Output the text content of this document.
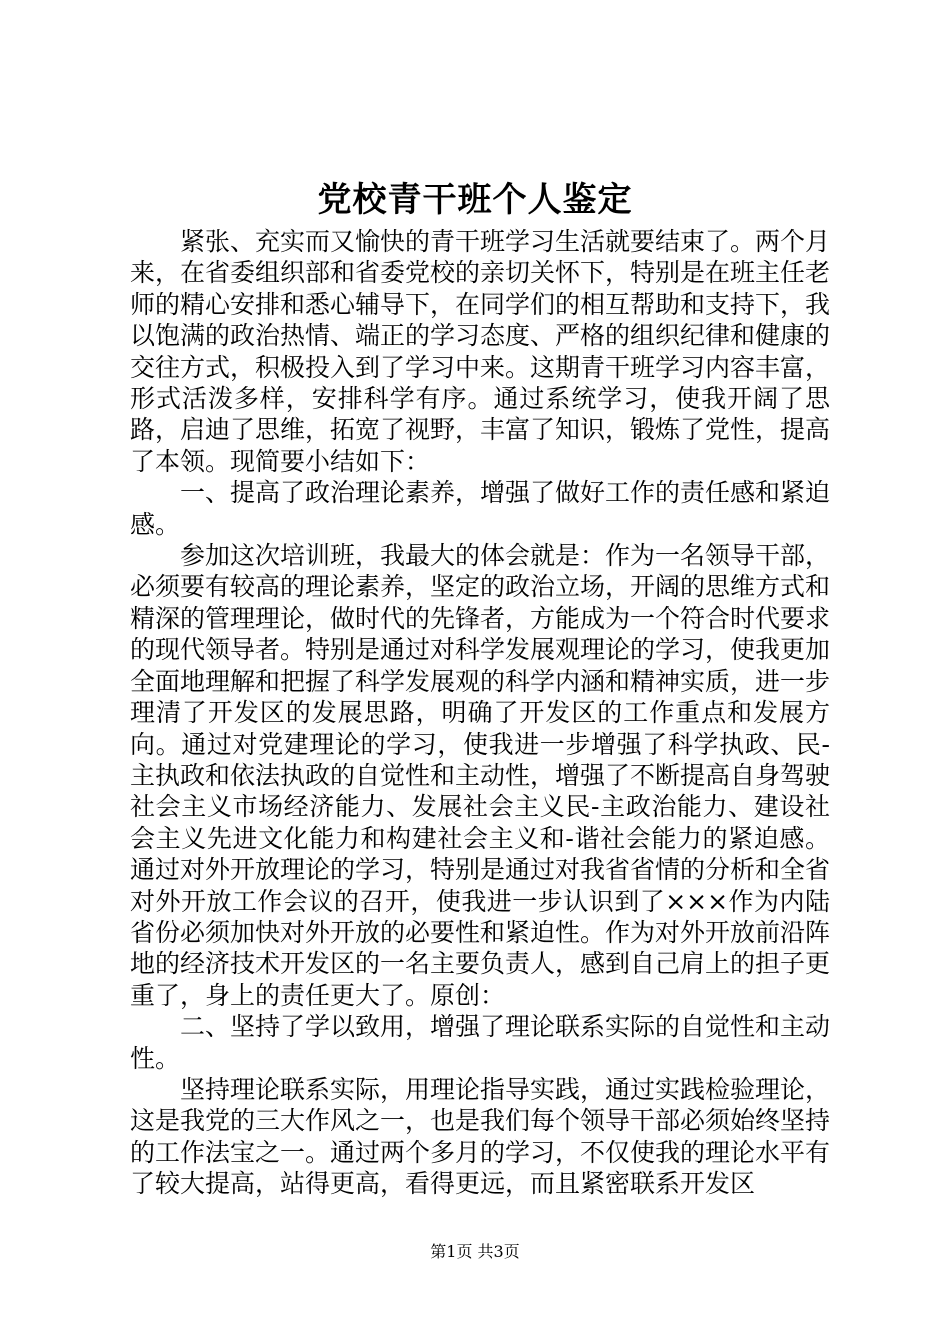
党校青干班个人鉴定

紧张、充实而又愉快的青干班学习生活就要结束了。两个月来，在省委组织部和省委党校的亲切关怀下，特别是在班主任老师的精心安排和悉心辅导下，在同学们的相互帮助和支持下，我以饱满的政治热情、端正的学习态度、严格的组织纪律和健康的交往方式，积极投入到了学习中来。这期青干班学习内容丰富，形式活泼多样，安排科学有序。通过系统学习，使我开阔了思路，启迪了思维，拓宽了视野，丰富了知识，锻炼了党性，提高了本领。现简要小结如下：

一、提高了政治理论素养，增强了做好工作的责任感和紧迫感。

参加这次培训班，我最大的体会就是：作为一名领导干部，必须要有较高的理论素养，坚定的政治立场，开阔的思维方式和精深的管理理论，做时代的先锋者，方能成为一个符合时代要求的现代领导者。特别是通过对科学发展观理论的学习，使我更加全面地理解和把握了科学发展观的科学内涵和精神实质，进一步理清了开发区的发展思路，明确了开发区的工作重点和发展方向。通过对党建理论的学习，使我进一步增强了科学执政、民-主执政和依法执政的自觉性和主动性，增强了不断提高自身驾驶社会主义市场经济能力、发展社会主义民-主政治能力、建设社会主义先进文化能力和构建社会主义和-谐社会能力的紧迫感。通过对外开放理论的学习，特别是通过对我省省情的分析和全省对外开放工作会议的召开，使我进一步认识到了×××作为内陆省份必须加快对外开放的必要性和紧迫性。作为对外开放前沿阵地的经济技术开发区的一名主要负责人，感到自己肩上的担子更重了，身上的责任更大了。原创：

二、坚持了学以致用，增强了理论联系实际的自觉性和主动性。

坚持理论联系实际，用理论指导实践，通过实践检验理论，这是我党的三大作风之一，也是我们每个领导干部必须始终坚持的工作法宝之一。通过两个多月的学习，不仅使我的理论水平有了较大提高，站得更高，看得更远，而且紧密联系开发区

第1页 共3页
